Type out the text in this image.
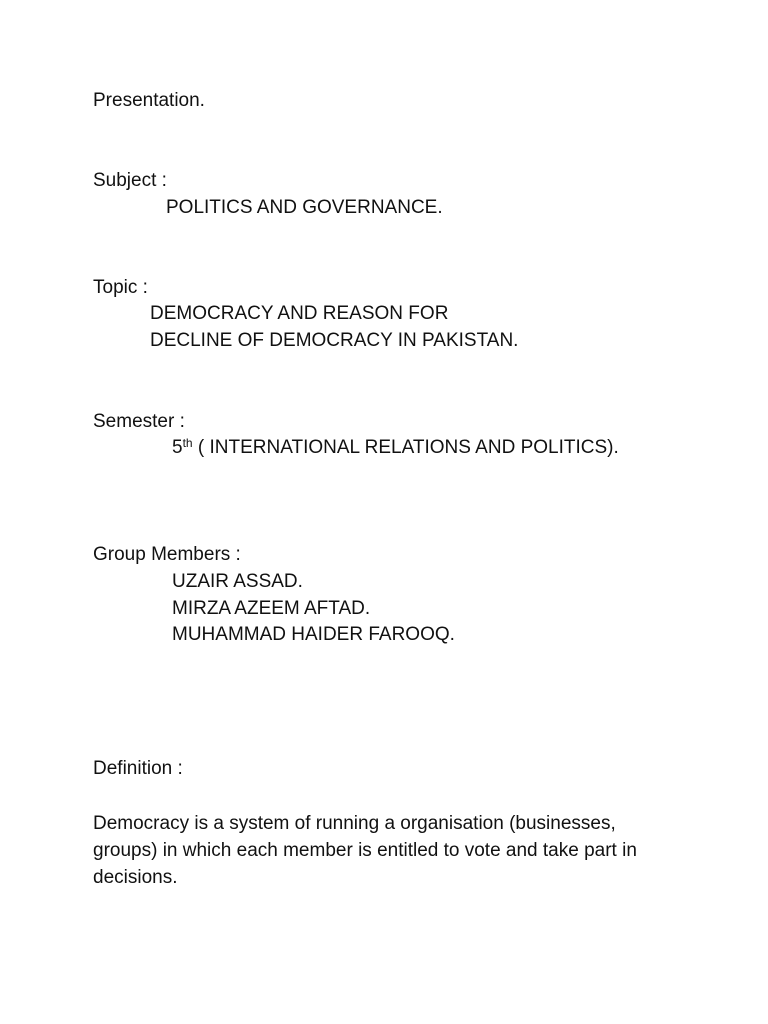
Presentation.
Subject :
POLITICS AND GOVERNANCE.
Topic :
DEMOCRACY AND REASON FOR
DECLINE OF DEMOCRACY IN PAKISTAN.
Semester :
5th ( INTERNATIONAL RELATIONS AND POLITICS).
Group Members :
UZAIR ASSAD.
MIRZA AZEEM AFTAD.
MUHAMMAD HAIDER FAROOQ.
Definition :
Democracy is a system of running a organisation (businesses, groups) in which each member is entitled to vote and take part in decisions.
